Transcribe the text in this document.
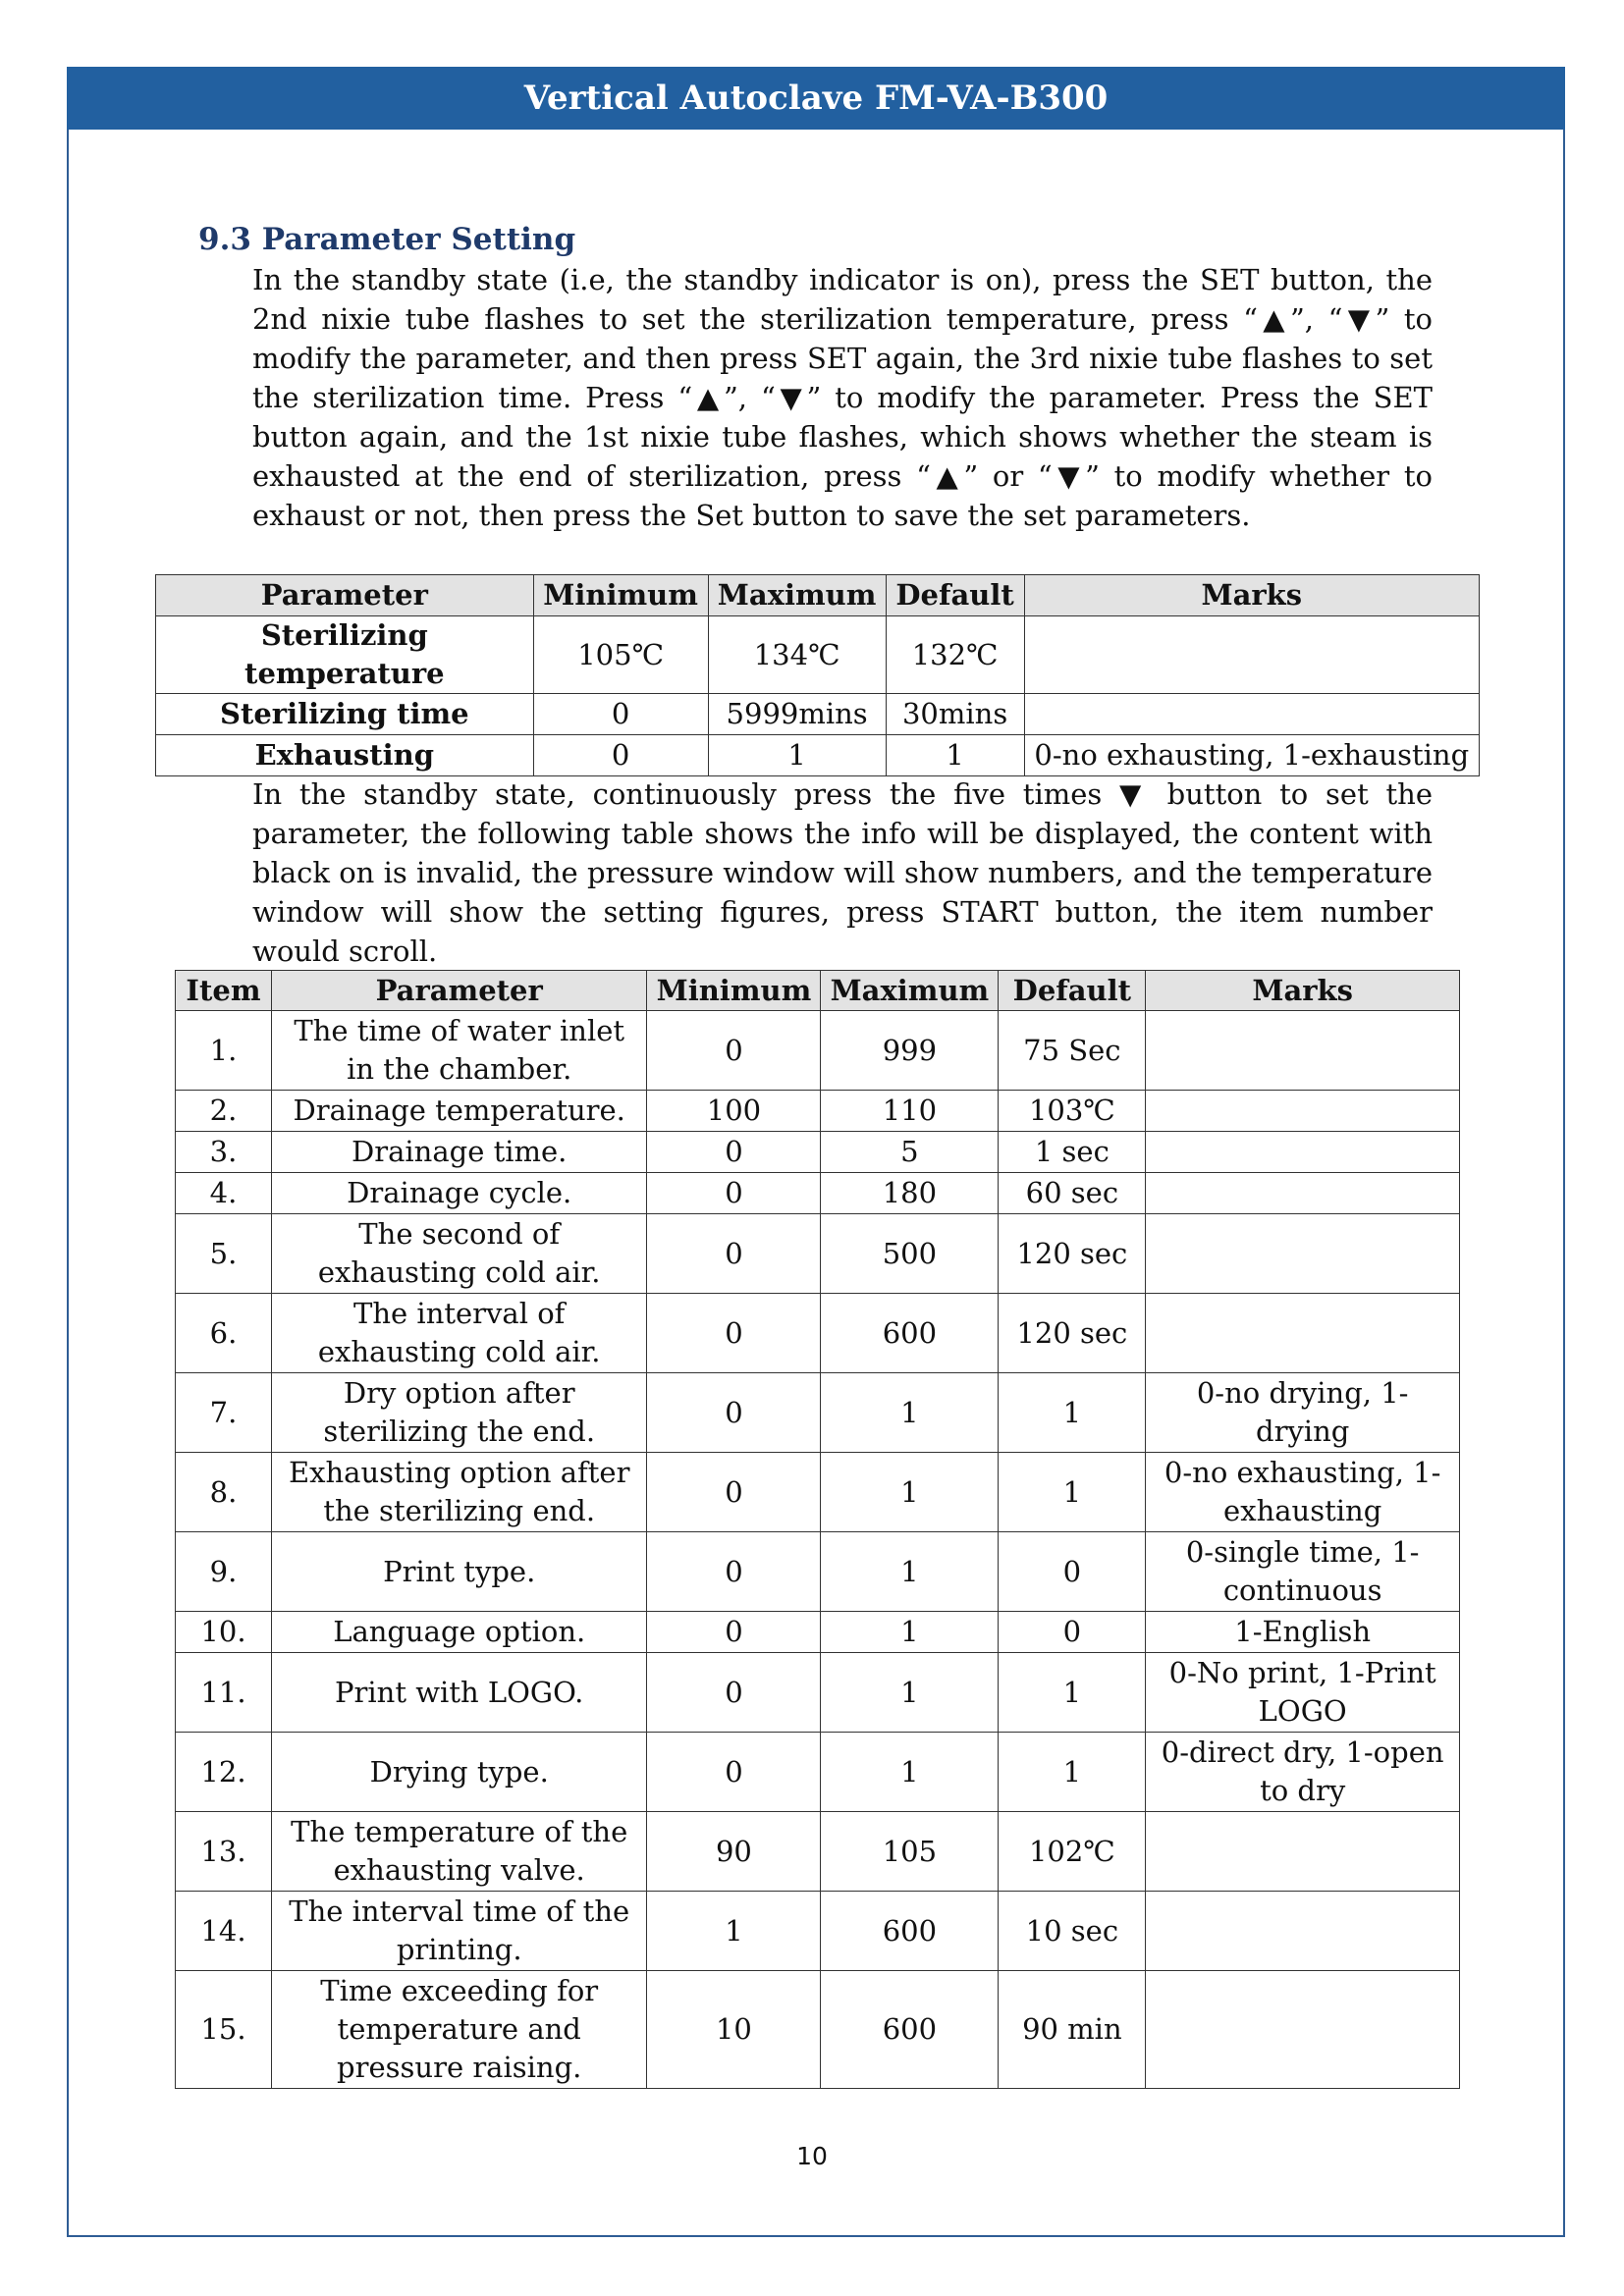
Vertical Autoclave FM-VA-B300
9.3 Parameter Setting
In the standby state (i.e, the standby indicator is on), press the SET button, the 2nd nixie tube flashes to set the sterilization temperature, press “▲”, “▼” to modify the parameter, and then press SET again, the 3rd nixie tube flashes to set the sterilization time. Press “▲”, “▼” to modify the parameter. Press the SET button again, and the 1st nixie tube flashes, which shows whether the steam is exhausted at the end of sterilization, press “▲” or “▼” to modify whether to exhaust or not, then press the Set button to save the set parameters.
Parameter	Minimum	Maximum	Default	Marks
Sterilizing temperature	105℃	134℃	132℃	
Sterilizing time	0	5999mins	30mins	
Exhausting	0	1	1	0-no exhausting, 1-exhausting
In the standby state, continuously press the five times ▼ button to set the parameter, the following table shows the info will be displayed, the content with black on is invalid, the pressure window will show numbers, and the temperature window will show the setting figures, press START button, the item number would scroll.
Item	Parameter	Minimum	Maximum	Default	Marks
1.	The time of water inlet in the chamber.	0	999	75 Sec	
2.	Drainage temperature.	100	110	103℃	
3.	Drainage time.	0	5	1 sec	
4.	Drainage cycle.	0	180	60 sec	
5.	The second of exhausting cold air.	0	500	120 sec	
6.	The interval of exhausting cold air.	0	600	120 sec	
7.	Dry option after sterilizing the end.	0	1	1	0-no drying, 1-drying
8.	Exhausting option after the sterilizing end.	0	1	1	0-no exhausting, 1-exhausting
9.	Print type.	0	1	0	0-single time, 1-continuous
10.	Language option.	0	1	0	1-English
11.	Print with LOGO.	0	1	1	0-No print, 1-Print LOGO
12.	Drying type.	0	1	1	0-direct dry, 1-open to dry
13.	The temperature of the exhausting valve.	90	105	102℃	
14.	The interval time of the printing.	1	600	10 sec	
15.	Time exceeding for temperature and pressure raising.	10	600	90 min	
10
